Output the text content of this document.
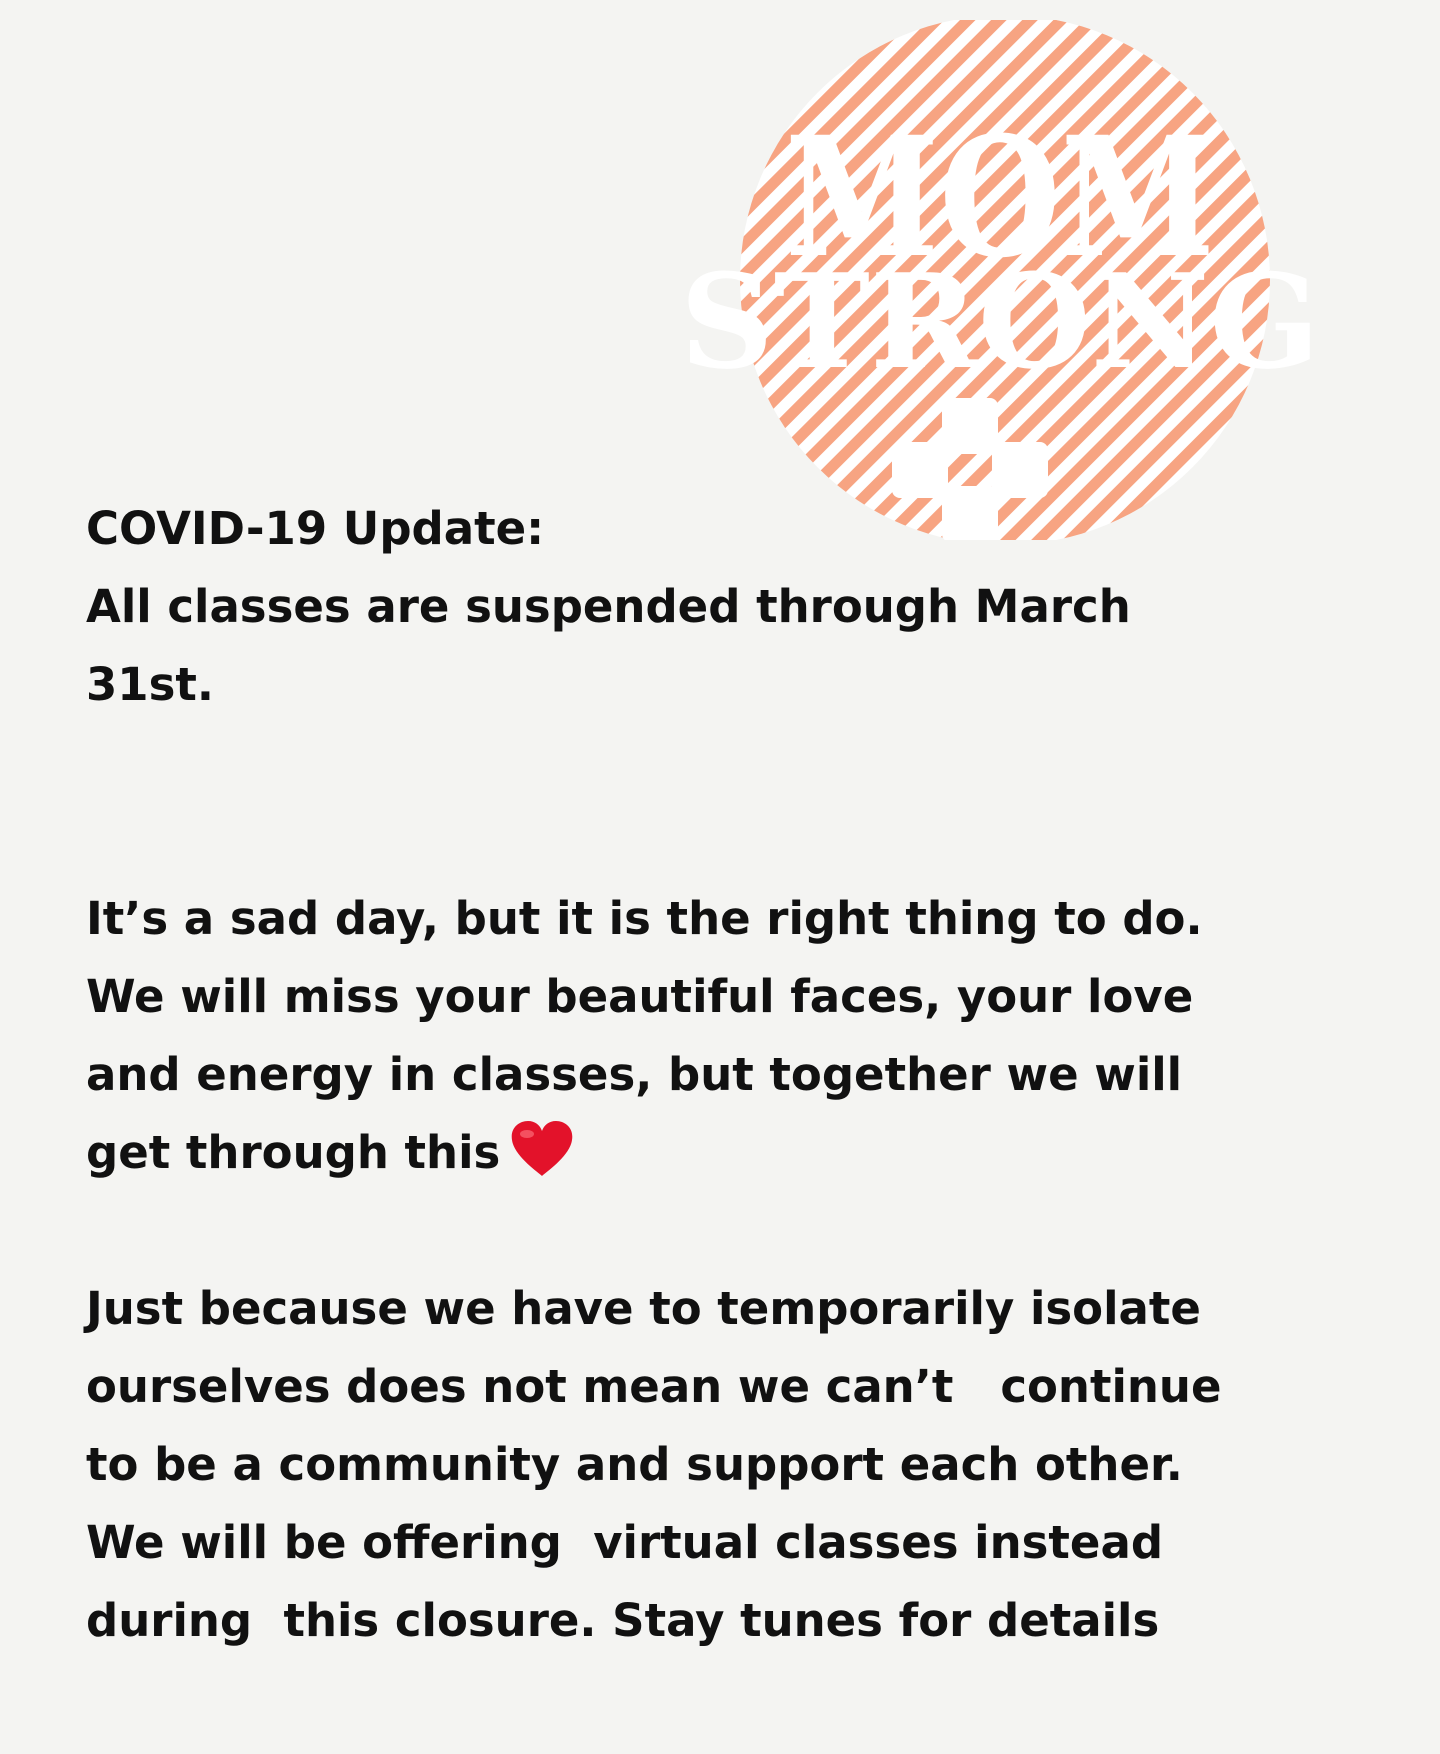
MOM
STRONG
COVID-19 Update:
All classes are suspended through March
31st.
It’s a sad day, but it is the right thing to do.
We will miss your beautiful faces, your love
and energy in classes, but together we will
get through this
Just because we have to temporarily isolate
ourselves does not mean we can’t   continue
to be a community and support each other.
We will be offering  virtual classes instead
during  this closure. Stay tunes for details
